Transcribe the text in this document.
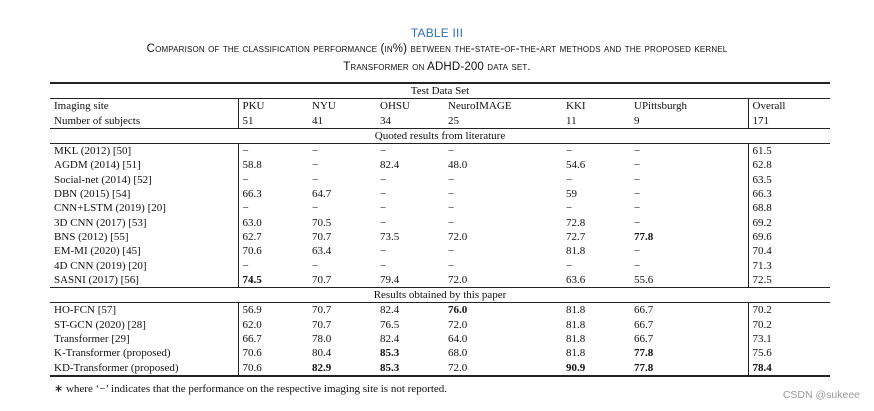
TABLE III
Comparison of the classification performance (in%) between the-state-of-the-art methods and the proposed kernel
Transformer on ADHD-200 data set.
Test Data Set							
Imaging site	PKU	NYU	OHSU	NeuroIMAGE	KKI	UPittsburgh	Overall
Number of subjects	51	41	34	25	11	9	171
Quoted results from literature							
MKL (2012) [50]	−	−	−	−	−	−	61.5
AGDM (2014) [51]	58.8	−	82.4	48.0	54.6	−	62.8
Social-net (2014) [52]	−	−	−	−	−	−	63.5
DBN (2015) [54]	66.3	64.7	−	−	59	−	66.3
CNN+LSTM (2019) [20]	−	−	−	−	−	−	68.8
3D CNN (2017) [53]	63.0	70.5	−	−	72.8	−	69.2
BNS (2012) [55]	62.7	70.7	73.5	72.0	72.7	77.8	69.6
EM-MI (2020) [45]	70.6	63.4	−	−	81.8	−	70.4
4D CNN (2019) [20]	−	−	−	−	−	−	71.3
SASNI (2017) [56]	74.5	70.7	79.4	72.0	63.6	55.6	72.5
Results obtained by this paper							
HO-FCN [57]	56.9	70.7	82.4	76.0	81.8	66.7	70.2
ST-GCN (2020) [28]	62.0	70.7	76.5	72.0	81.8	66.7	70.2
Transformer [29]	66.7	78.0	82.4	64.0	81.8	66.7	73.1
K-Transformer (proposed)	70.6	80.4	85.3	68.0	81.8	77.8	75.6
KD-Transformer (proposed)	70.6	82.9	85.3	72.0	90.9	77.8	78.4
∗ where ‘−’ indicates that the performance on the respective imaging site is not reported.	CSDN @sukeee
